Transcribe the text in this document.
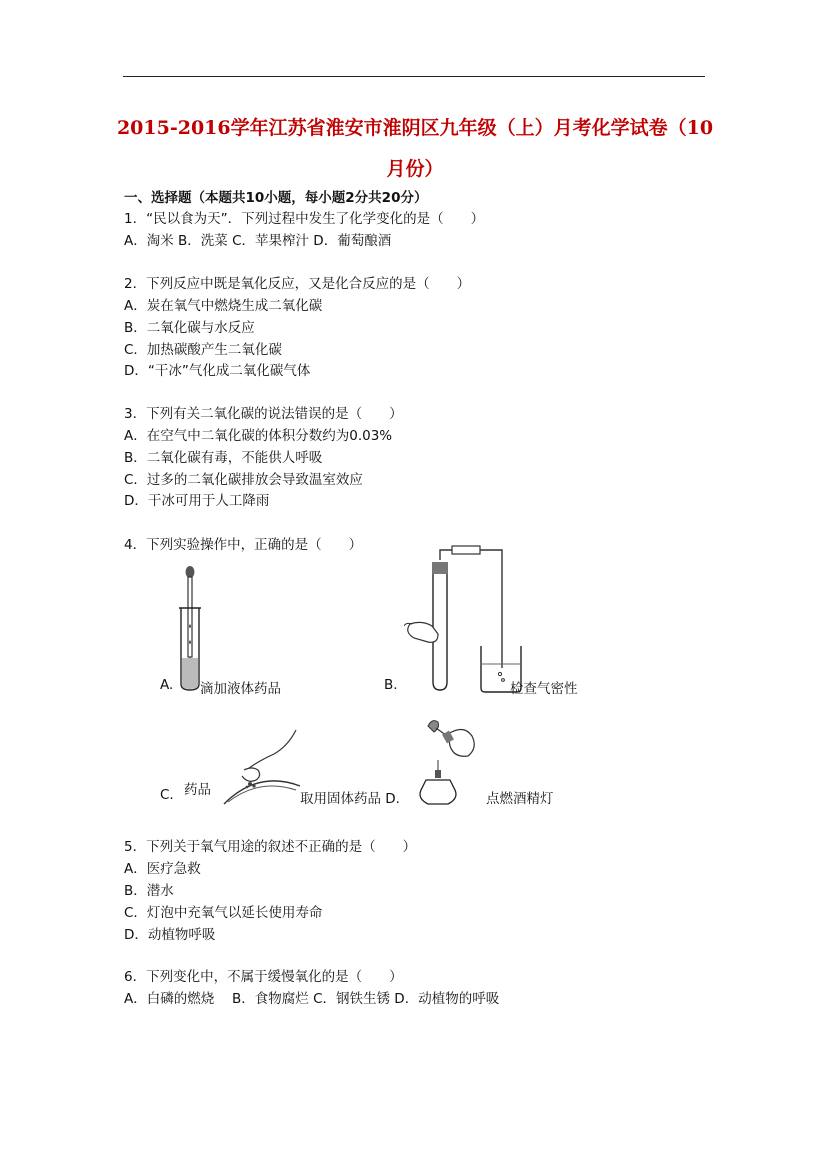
2015-2016学年江苏省淮安市淮阴区九年级（上）月考化学试卷（10
月份）
一、选择题（本题共10小题，每小题2分共20分）
1．“民以食为天”．下列过程中发生了化学变化的是（　　）
A．淘米 B．洗菜 C．苹果榨汁 D．葡萄酿酒
2．下列反应中既是氧化反应，又是化合反应的是（　　）
A．炭在氧气中燃烧生成二氧化碳
B．二氧化碳与水反应
C．加热碳酸产生二氧化碳
D．“干冰”气化成二氧化碳气体
3．下列有关二氧化碳的说法错误的是（　　）
A．在空气中二氧化碳的体积分数约为0.03%
B．二氧化碳有毒，不能供人呼吸
C．过多的二氧化碳排放会导致温室效应
D．干冰可用于人工降雨
4．下列实验操作中，正确的是（　　）
A. 滴加液体药品	B.	检查气密性
C. 药品
取用固体药品 D.	点燃酒精灯
5．下列关于氧气用途的叙述不正确的是（　　）
A．医疗急救
B．潜水
C．灯泡中充氧气以延长使用寿命
D．动植物呼吸
6．下列变化中，不属于缓慢氧化的是（　　）
A．白磷的燃烧　 B．食物腐烂 C．钢铁生锈 D．动植物的呼吸
